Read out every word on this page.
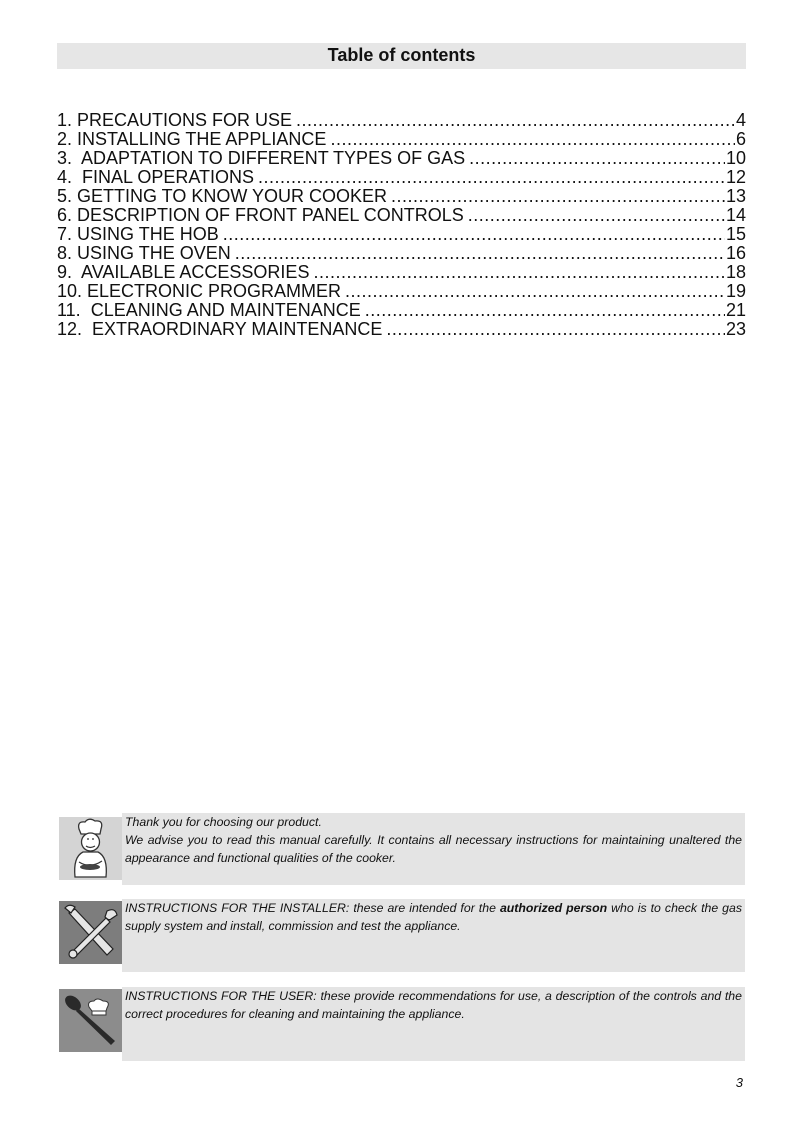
Table of contents
1. PRECAUTIONS FOR USE .....	4
2. INSTALLING THE APPLIANCE .....	6
3.  ADAPTATION TO DIFFERENT TYPES OF GAS .....	10
4.  FINAL OPERATIONS .....	12
5. GETTING TO KNOW YOUR COOKER .....	13
6. DESCRIPTION OF FRONT PANEL CONTROLS .....	14
7. USING THE HOB .....	15
8. USING THE OVEN .....	16
9.  AVAILABLE ACCESSORIES .....	18
10. ELECTRONIC PROGRAMMER .....	19
11.  CLEANING AND MAINTENANCE .....	21
12.  EXTRAORDINARY MAINTENANCE .....	23

Thank you for choosing our product.

We advise you to read this manual carefully. It contains all necessary instructions for maintaining unaltered the appearance and functional qualities of the cooker.

INSTRUCTIONS FOR THE INSTALLER: these are intended for the authorized person who is to check the gas supply system and install, commission and test the appliance.

INSTRUCTIONS FOR THE USER: these provide recommendations for use, a description of the controls and the correct procedures for cleaning and maintaining the appliance.

3
